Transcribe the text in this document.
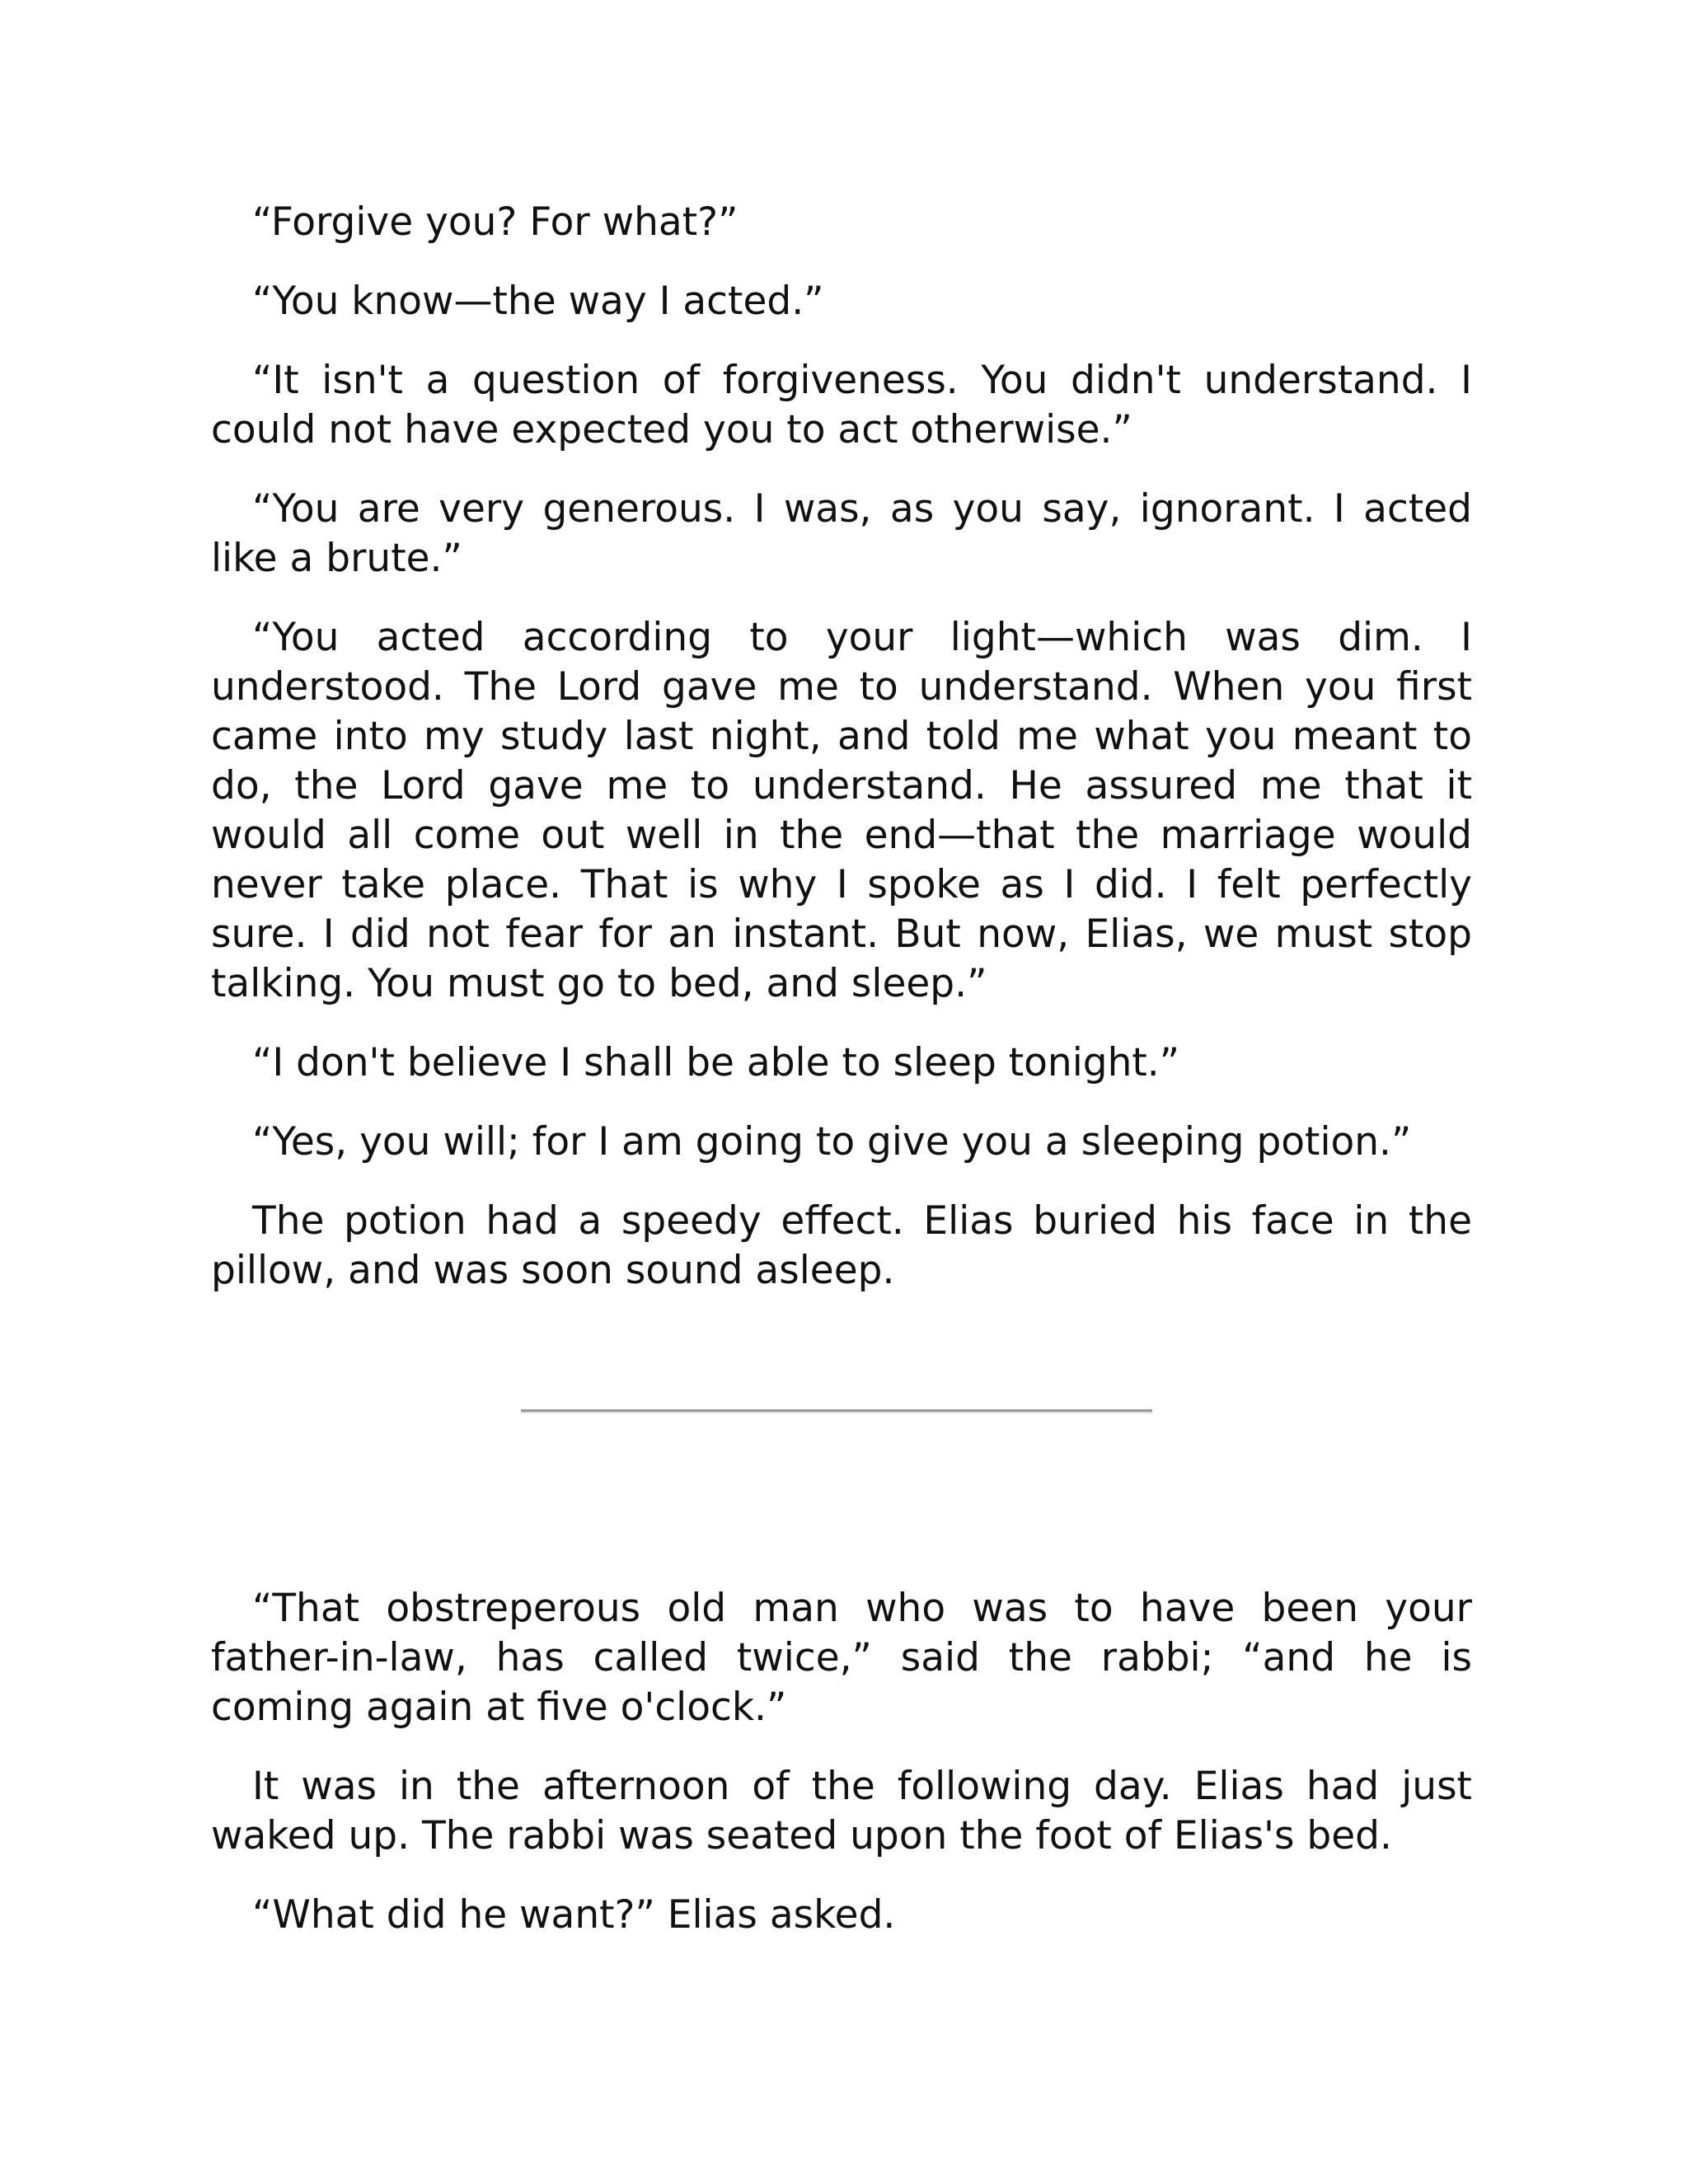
“Forgive you? For what?”

“You know—the way I acted.”

“It isn't a question of forgiveness. You didn't understand. I could not have expected you to act otherwise.”

“You are very generous. I was, as you say, ignorant. I acted like a brute.”

“You acted according to your light—which was dim. I understood. The Lord gave me to understand. When you first came into my study last night, and told me what you meant to do, the Lord gave me to understand. He assured me that it would all come out well in the end—that the marriage would never take place. That is why I spoke as I did. I felt perfectly sure. I did not fear for an instant. But now, Elias, we must stop talking. You must go to bed, and sleep.”

“I don't believe I shall be able to sleep tonight.”

“Yes, you will; for I am going to give you a sleeping potion.”

The potion had a speedy effect. Elias buried his face in the pillow, and was soon sound asleep.

“That obstreperous old man who was to have been your father-in-law, has called twice,” said the rabbi; “and he is coming again at five o'clock.”

It was in the afternoon of the following day. Elias had just waked up. The rabbi was seated upon the foot of Elias's bed.

“What did he want?” Elias asked.
